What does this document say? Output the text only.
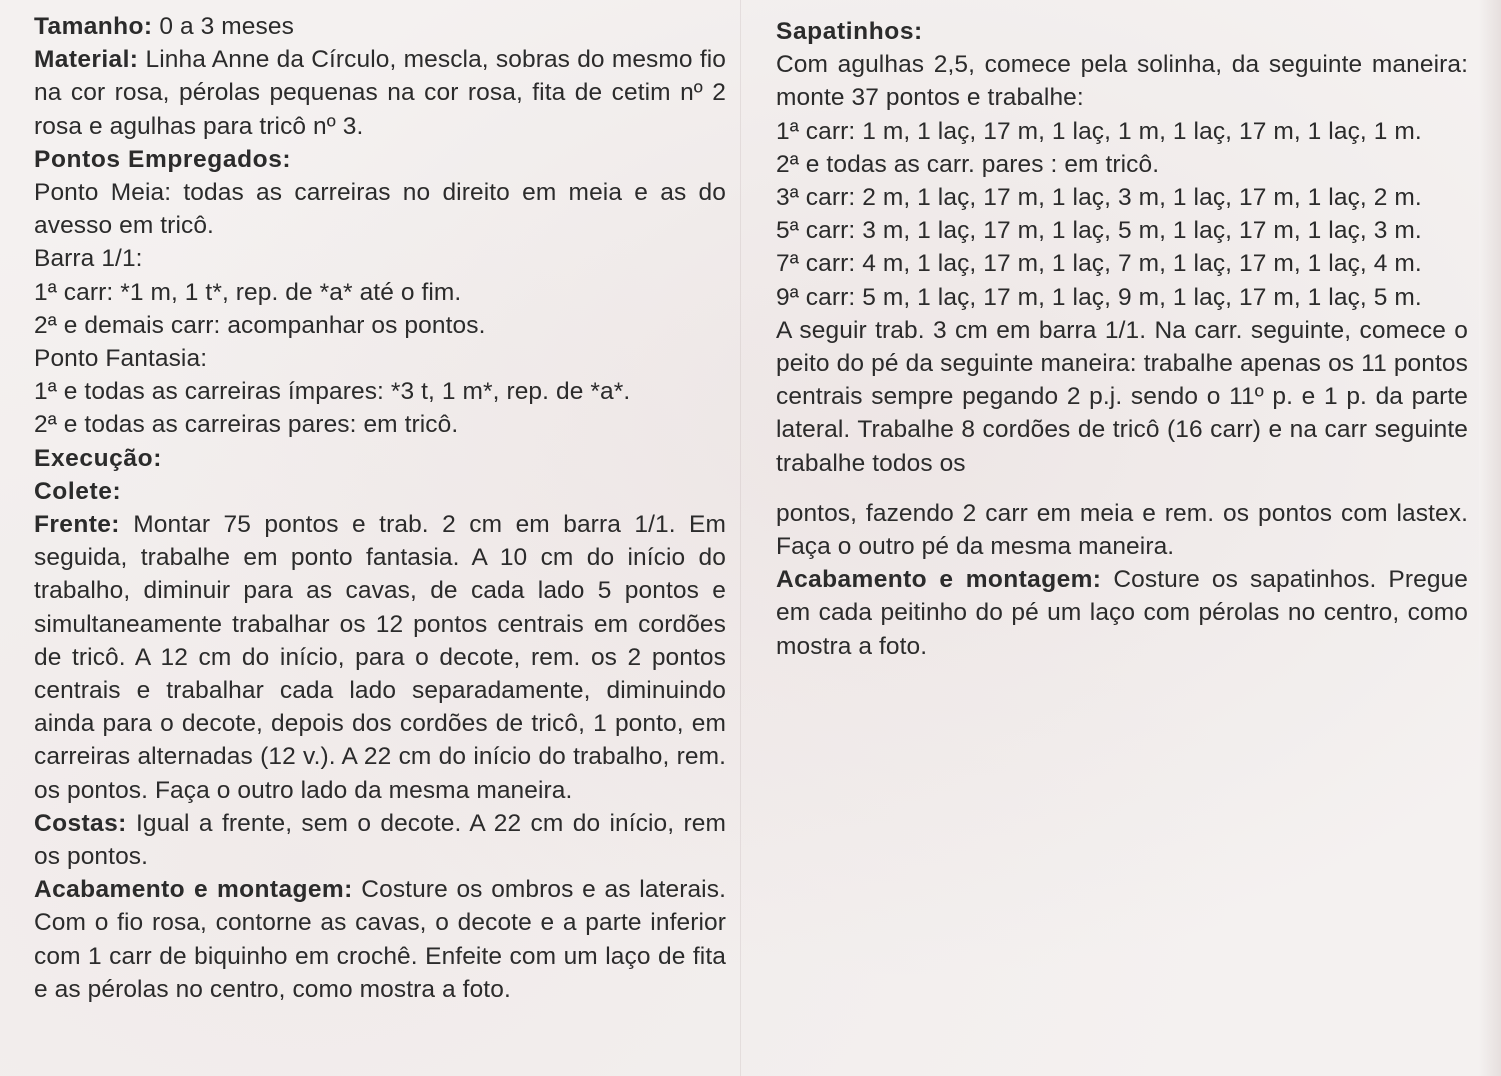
Tamanho: 0 a 3 meses

Material: Linha Anne da Círculo, mescla, sobras do mesmo fio na cor rosa, pérolas pequenas na cor rosa, fita de cetim nº 2 rosa e agulhas para tricô nº 3.

Pontos Empregados:

Ponto Meia: todas as carreiras no direito em meia e as do avesso em tricô.

Barra 1/1:

1ª carr: *1 m, 1 t*, rep. de *a* até o fim.

2ª e demais carr: acompanhar os pontos.

Ponto Fantasia:

1ª e todas as carreiras ímpares: *3 t, 1 m*, rep. de *a*.

2ª e todas as carreiras pares: em tricô.

Execução:

Colete:

Frente: Montar 75 pontos e trab. 2 cm em barra 1/1. Em seguida, trabalhe em ponto fantasia. A 10 cm do início do trabalho, diminuir para as cavas, de cada lado 5 pontos e simultaneamente trabalhar os 12 pontos centrais em cordões de tricô. A 12 cm do início, para o decote, rem. os 2 pontos centrais e trabalhar cada lado separadamente, diminuindo ainda para o decote, depois dos cordões de tricô, 1 ponto, em carreiras alternadas (12 v.). A 22 cm do início do trabalho, rem. os pontos. Faça o outro lado da mesma maneira.

Costas: Igual a frente, sem o decote. A 22 cm do início, rem os pontos.

Acabamento e montagem: Costure os ombros e as laterais. Com o fio rosa, contorne as cavas, o decote e a parte inferior com 1 carr de biquinho em crochê. Enfeite com um laço de fita e as pérolas no centro, como mostra a foto.

Sapatinhos:

Com agulhas 2,5, comece pela solinha, da seguinte maneira: monte 37 pontos e trabalhe:

1ª carr: 1 m, 1 laç, 17 m, 1 laç, 1 m, 1 laç, 17 m, 1 laç, 1 m.

2ª e todas as carr. pares : em tricô.

3ª carr: 2 m, 1 laç, 17 m, 1 laç, 3 m, 1 laç, 17 m, 1 laç, 2 m.

5ª carr: 3 m, 1 laç, 17 m, 1 laç, 5 m, 1 laç, 17 m, 1 laç, 3 m.

7ª carr: 4 m, 1 laç, 17 m, 1 laç, 7 m, 1 laç, 17 m, 1 laç, 4 m.

9ª carr: 5 m, 1 laç, 17 m, 1 laç, 9 m, 1 laç, 17 m, 1 laç, 5 m.

A seguir trab. 3 cm em barra 1/1. Na carr. seguinte, comece o peito do pé da seguinte maneira: trabalhe apenas os 11 pontos centrais sempre pegando 2 p.j. sendo o 11º p. e 1 p. da parte lateral. Trabalhe 8 cordões de tricô (16 carr) e na carr seguinte trabalhe todos os

pontos, fazendo 2 carr em meia e rem. os pontos com lastex. Faça o outro pé da mesma maneira.

Acabamento e montagem: Costure os sapatinhos. Pregue em cada peitinho do pé um laço com pérolas no centro, como mostra a foto.
